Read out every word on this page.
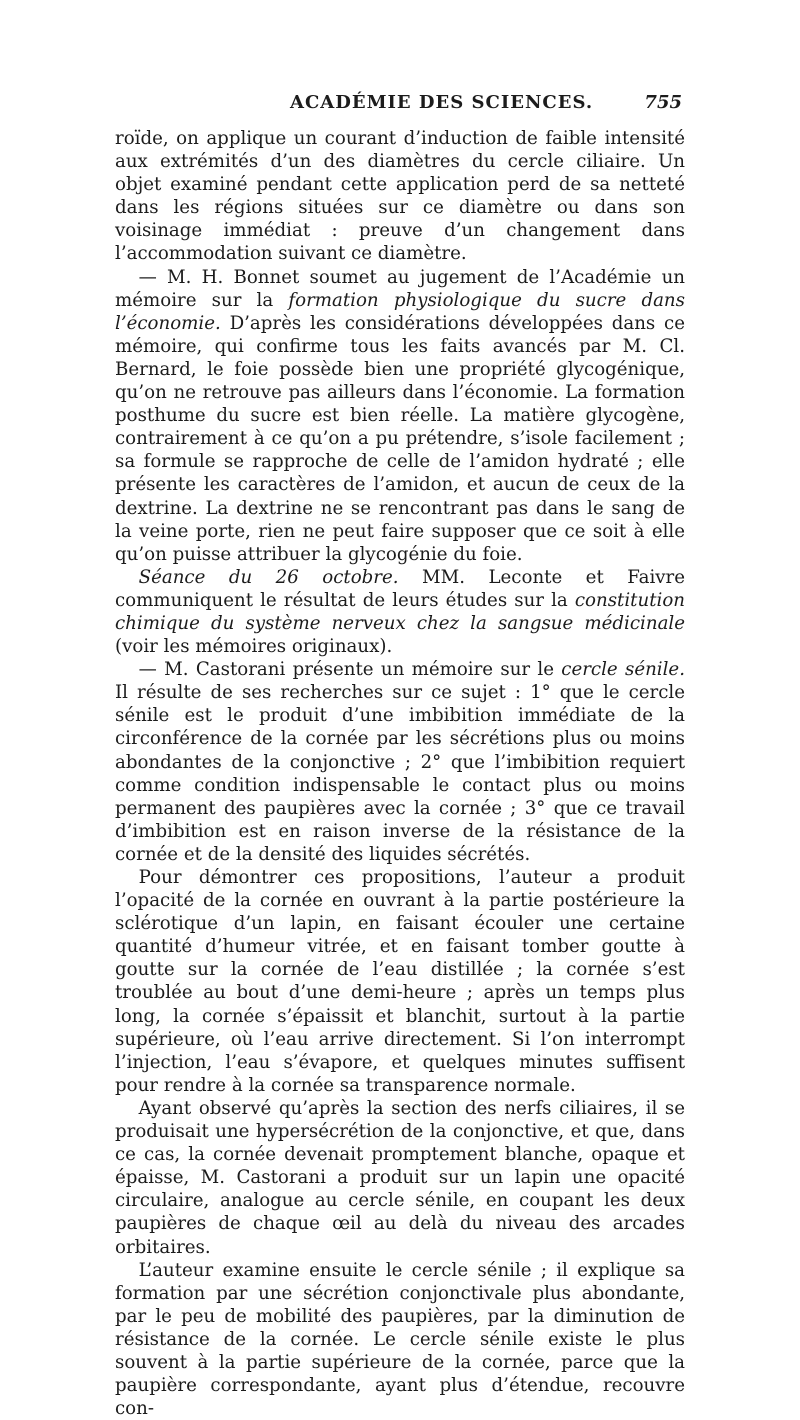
ACADÉMIE DES SCIENCES.	755

roïde, on applique un courant d’induction de faible intensité aux extrémités d’un des diamètres du cercle ciliaire. Un objet examiné pendant cette application perd de sa netteté dans les régions situées sur ce diamètre ou dans son voisinage immédiat : preuve d’un changement dans l’accommodation suivant ce diamètre.

— M. H. Bonnet soumet au jugement de l’Académie un mémoire sur la formation physiologique du sucre dans l’économie. D’après les considérations développées dans ce mémoire, qui confirme tous les faits avancés par M. Cl. Bernard, le foie possède bien une propriété glycogénique, qu’on ne retrouve pas ailleurs dans l’économie. La formation posthume du sucre est bien réelle. La matière glycogène, contrairement à ce qu’on a pu prétendre, s’isole facilement ; sa formule se rapproche de celle de l’amidon hydraté ; elle présente les caractères de l’amidon, et aucun de ceux de la dextrine. La dextrine ne se rencontrant pas dans le sang de la veine porte, rien ne peut faire supposer que ce soit à elle qu’on puisse attribuer la glycogénie du foie.

Séance du 26 octobre. MM. Leconte et Faivre communiquent le résultat de leurs études sur la constitution chimique du système nerveux chez la sangsue médicinale (voir les mémoires originaux).

— M. Castorani présente un mémoire sur le cercle sénile. Il résulte de ses recherches sur ce sujet : 1° que le cercle sénile est le produit d’une imbibition immédiate de la circonférence de la cornée par les sécrétions plus ou moins abondantes de la conjonctive ; 2° que l’imbibition requiert comme condition indispensable le contact plus ou moins permanent des paupières avec la cornée ; 3° que ce travail d’imbibition est en raison inverse de la résistance de la cornée et de la densité des liquides sécrétés.

Pour démontrer ces propositions, l’auteur a produit l’opacité de la cornée en ouvrant à la partie postérieure la sclérotique d’un lapin, en faisant écouler une certaine quantité d’humeur vitrée, et en faisant tomber goutte à goutte sur la cornée de l’eau distillée ; la cornée s’est troublée au bout d’une demi-heure ; après un temps plus long, la cornée s’épaissit et blanchit, surtout à la partie supérieure, où l’eau arrive directement. Si l’on interrompt l’injection, l’eau s’évapore, et quelques minutes suffisent pour rendre à la cornée sa transparence normale.

Ayant observé qu’après la section des nerfs ciliaires, il se produisait une hypersécrétion de la conjonctive, et que, dans ce cas, la cornée devenait promptement blanche, opaque et épaisse, M. Castorani a produit sur un lapin une opacité circulaire, analogue au cercle sénile, en coupant les deux paupières de chaque œil au delà du niveau des arcades orbitaires.

L’auteur examine ensuite le cercle sénile ; il explique sa formation par une sécrétion conjonctivale plus abondante, par le peu de mobilité des paupières, par la diminution de résistance de la cornée. Le cercle sénile existe le plus souvent à la partie supérieure de la cornée, parce que la paupière correspondante, ayant plus d’étendue, recouvre con-
